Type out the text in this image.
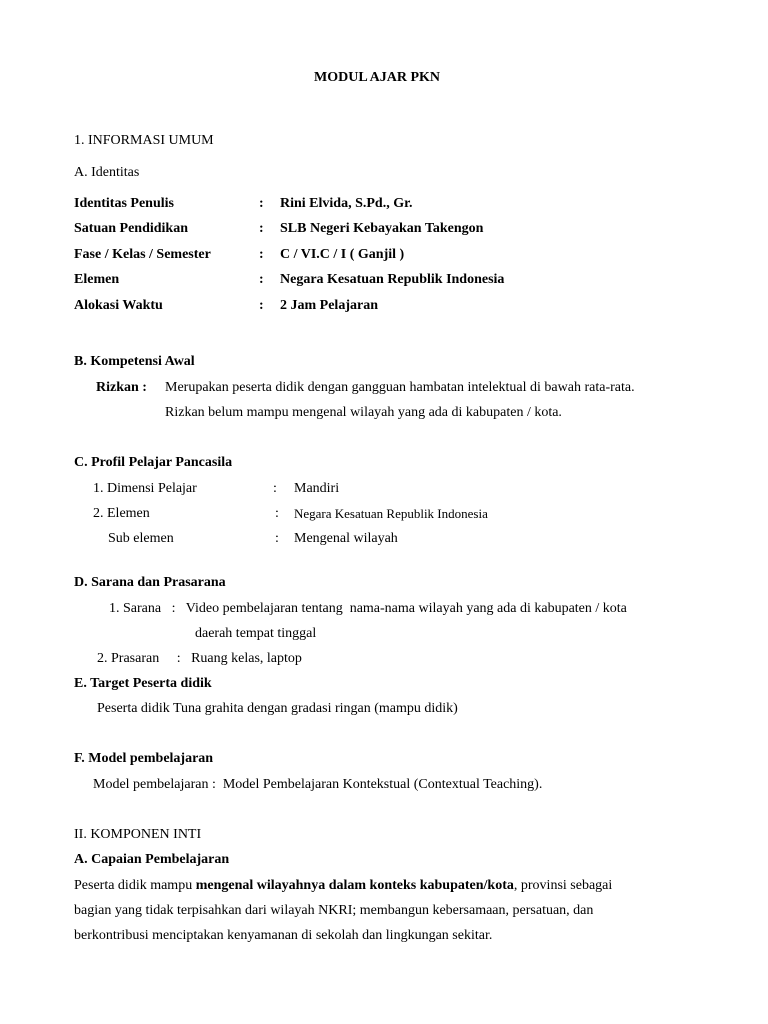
MODUL AJAR PKN
1. INFORMASI UMUM
A. Identitas
Identitas Penulis	: Rini Elvida, S.Pd., Gr.
Satuan Pendidikan	: SLB Negeri Kebayakan Takengon
Fase / Kelas / Semester	: C / VI.C / I ( Ganjil )
Elemen	: Negara Kesatuan Republik Indonesia
Alokasi Waktu	: 2 Jam Pelajaran
B. Kompetensi Awal
Rizkan : Merupakan peserta didik dengan gangguan hambatan intelektual di bawah rata-rata.
Rizkan belum mampu mengenal wilayah yang ada di kabupaten / kota.
C. Profil Pelajar Pancasila
1. Dimensi Pelajar	: Mandiri
2. Elemen	: Negara Kesatuan Republik Indonesia
Sub elemen	: Mengenal wilayah
D. Sarana dan Prasarana
1. Sarana   :   Video pembelajaran tentang  nama-nama wilayah yang ada di kabupaten / kota
daerah tempat tinggal
2. Prasaran     :   Ruang kelas, laptop
E. Target Peserta didik
Peserta didik Tuna grahita dengan gradasi ringan (mampu didik)
F. Model pembelajaran
Model pembelajaran :  Model Pembelajaran Kontekstual (Contextual Teaching).
II. KOMPONEN INTI
A. Capaian Pembelajaran
Peserta didik mampu mengenal wilayahnya dalam konteks kabupaten/kota, provinsi sebagai
bagian yang tidak terpisahkan dari wilayah NKRI; membangun kebersamaan, persatuan, dan
berkontribusi menciptakan kenyamanan di sekolah dan lingkungan sekitar.
